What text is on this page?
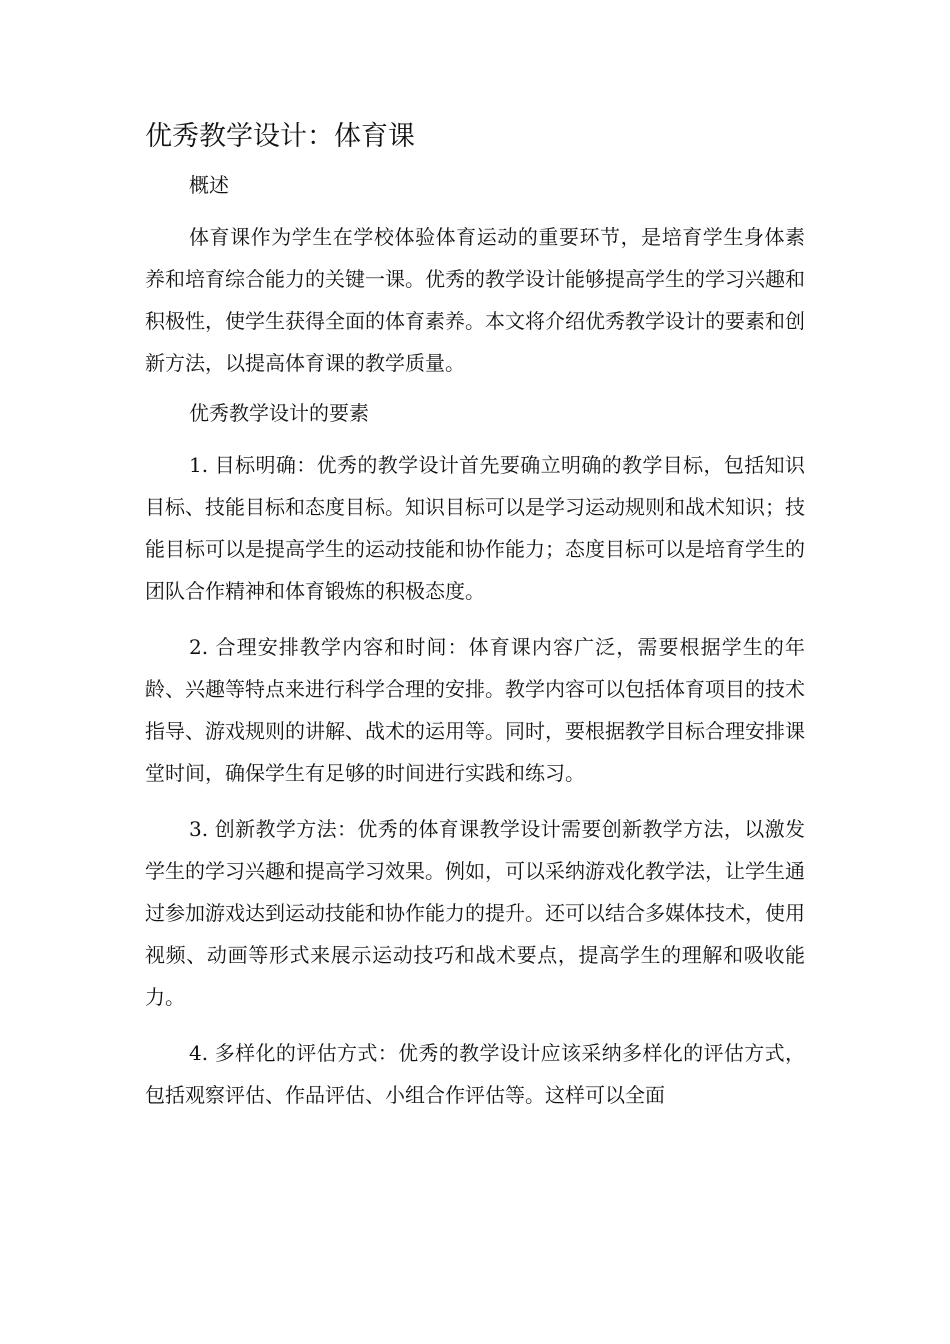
优秀教学设计：体育课

概述

体育课作为学生在学校体验体育运动的重要环节，是培育学生身体素养和培育综合能力的关键一课。优秀的教学设计能够提高学生的学习兴趣和积极性，使学生获得全面的体育素养。本文将介绍优秀教学设计的要素和创新方法，以提高体育课的教学质量。

优秀教学设计的要素

1. 目标明确：优秀的教学设计首先要确立明确的教学目标，包括知识目标、技能目标和态度目标。知识目标可以是学习运动规则和战术知识；技能目标可以是提高学生的运动技能和协作能力；态度目标可以是培育学生的团队合作精神和体育锻炼的积极态度。

2. 合理安排教学内容和时间：体育课内容广泛，需要根据学生的年龄、兴趣等特点来进行科学合理的安排。教学内容可以包括体育项目的技术指导、游戏规则的讲解、战术的运用等。同时，要根据教学目标合理安排课堂时间，确保学生有足够的时间进行实践和练习。

3. 创新教学方法：优秀的体育课教学设计需要创新教学方法，以激发学生的学习兴趣和提高学习效果。例如，可以采纳游戏化教学法，让学生通过参加游戏达到运动技能和协作能力的提升。还可以结合多媒体技术，使用视频、动画等形式来展示运动技巧和战术要点，提高学生的理解和吸收能力。

4. 多样化的评估方式：优秀的教学设计应该采纳多样化的评估方式，包括观察评估、作品评估、小组合作评估等。这样可以全面
